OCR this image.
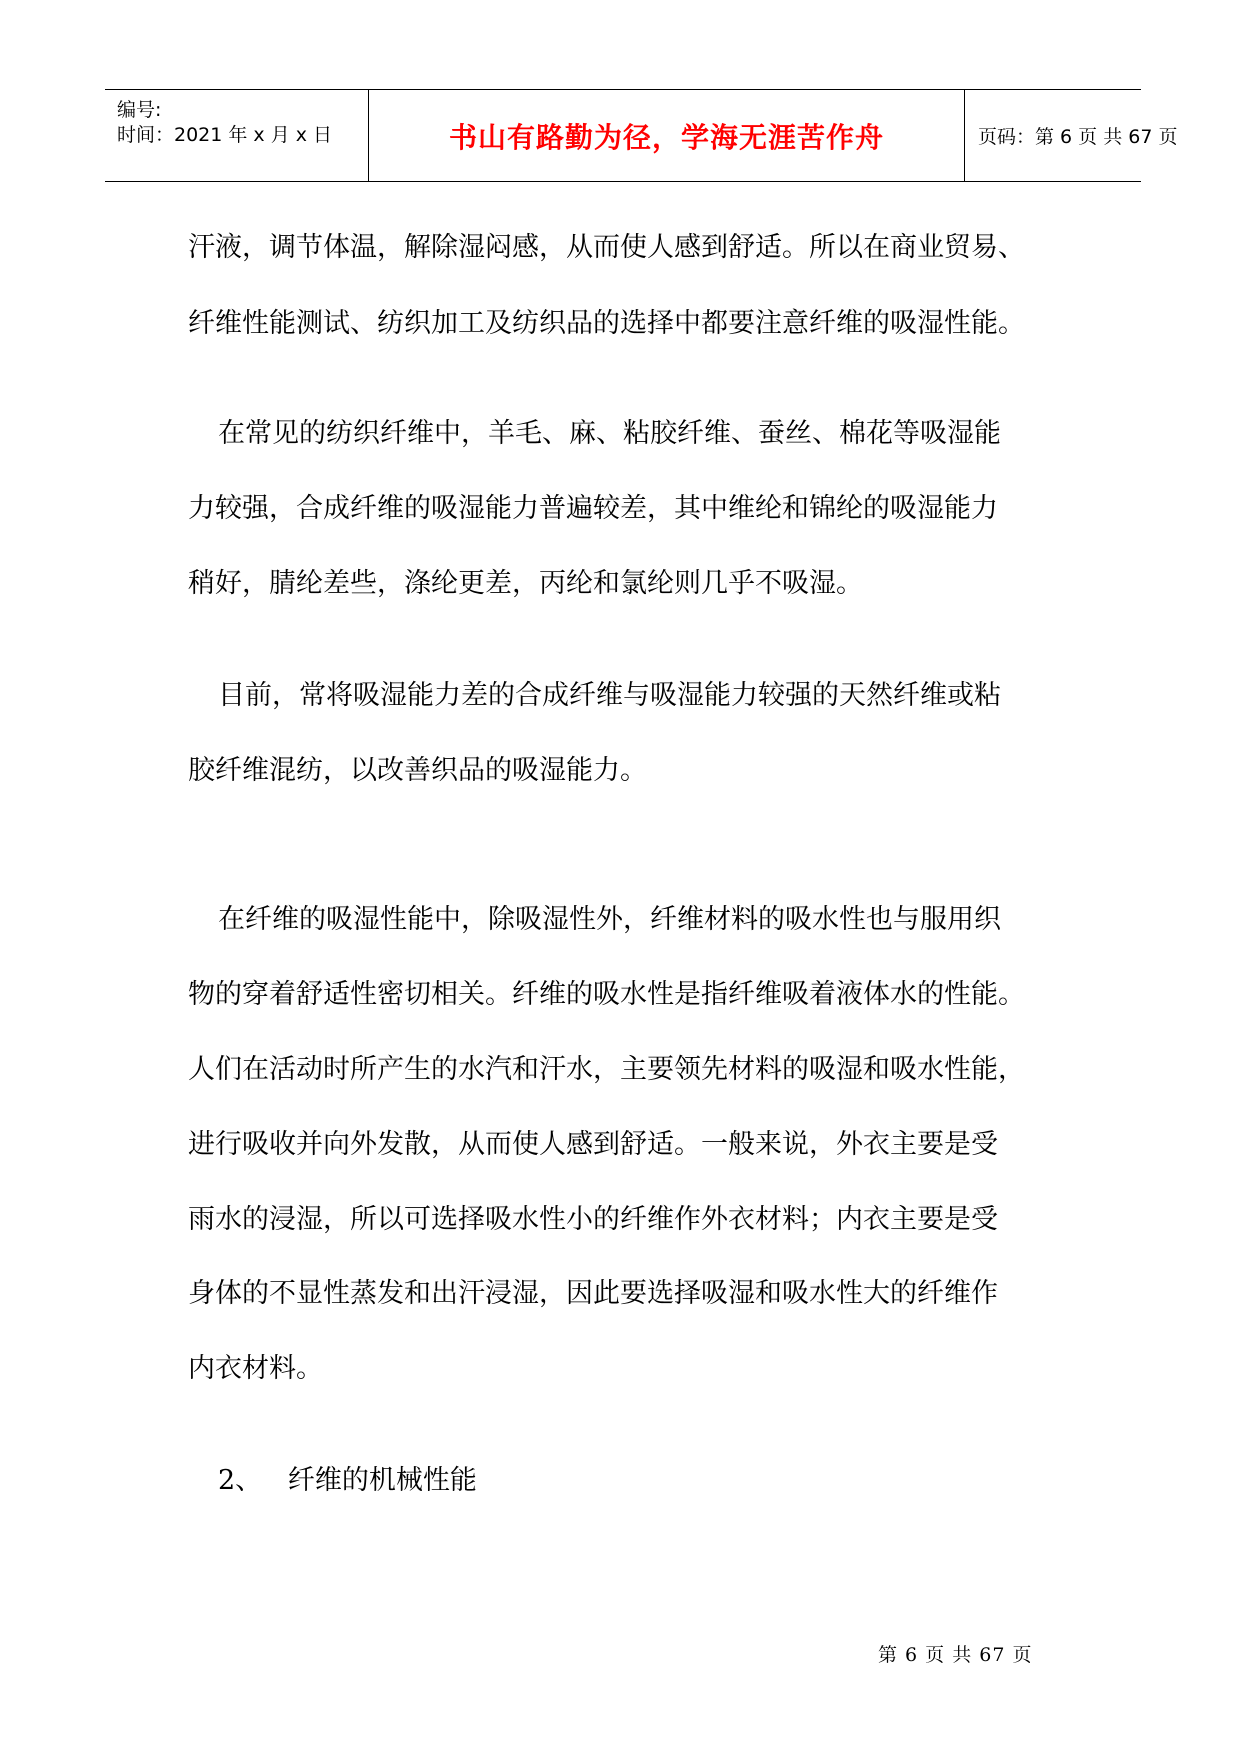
编号:
时间：2021 年 x 月 x 日	书山有路勤为径，学海无涯苦作舟	页码：第 6 页 共 67 页
汗液，调节体温，解除湿闷感，从而使人感到舒适。所以在商业贸易、
纤维性能测试、纺织加工及纺织品的选择中都要注意纤维的吸湿性能。
在常见的纺织纤维中，羊毛、麻、粘胶纤维、蚕丝、棉花等吸湿能
力较强，合成纤维的吸湿能力普遍较差，其中维纶和锦纶的吸湿能力
稍好，腈纶差些，涤纶更差，丙纶和氯纶则几乎不吸湿。
目前，常将吸湿能力差的合成纤维与吸湿能力较强的天然纤维或粘
胶纤维混纺，以改善织品的吸湿能力。
在纤维的吸湿性能中，除吸湿性外，纤维材料的吸水性也与服用织
物的穿着舒适性密切相关。纤维的吸水性是指纤维吸着液体水的性能。
人们在活动时所产生的水汽和汗水，主要领先材料的吸湿和吸水性能，
进行吸收并向外发散，从而使人感到舒适。一般来说，外衣主要是受
雨水的浸湿，所以可选择吸水性小的纤维作外衣材料；内衣主要是受
身体的不显性蒸发和出汗浸湿，因此要选择吸湿和吸水性大的纤维作
内衣材料。
2、   纤维的机械性能
第 6 页 共 67 页
